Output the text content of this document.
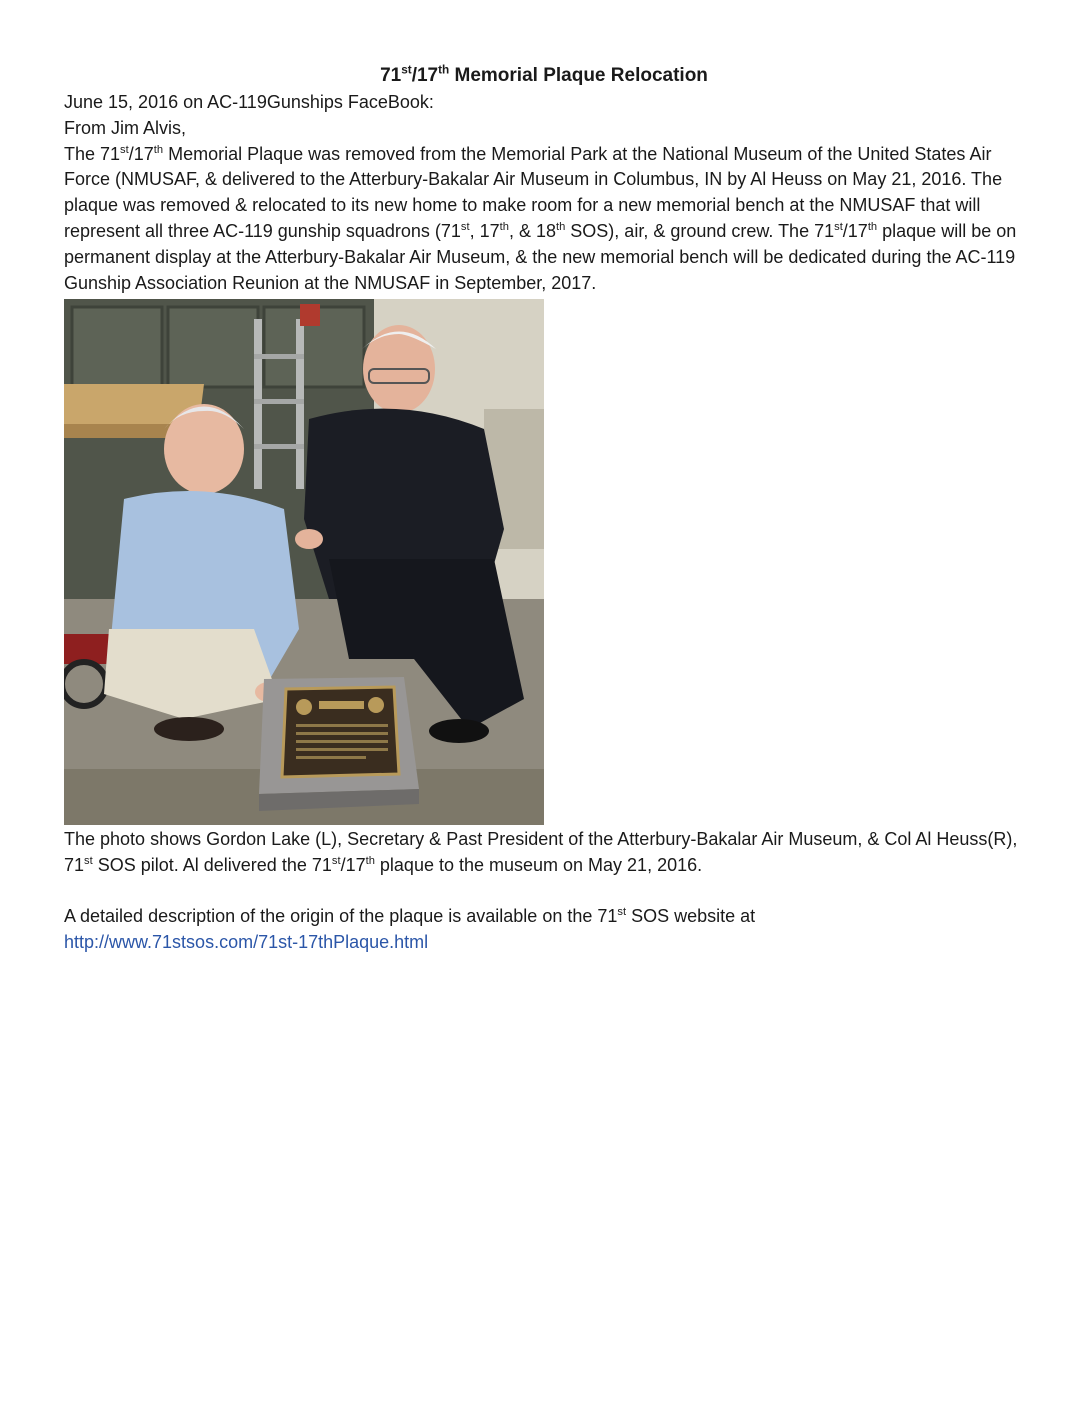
71st/17th Memorial Plaque Relocation

June 15, 2016 on AC-119Gunships FaceBook:

From Jim Alvis,

The 71st/17th Memorial Plaque was removed from the Memorial Park at the National Museum of the United States Air Force (NMUSAF, & delivered to the Atterbury-Bakalar Air Museum in Columbus, IN by Al Heuss on May 21, 2016. The plaque was removed & relocated to its new home to make room for a new memorial bench at the NMUSAF that will represent all three AC-119 gunship squadrons (71st, 17th, & 18th SOS), air, & ground crew. The 71st/17th plaque will be on permanent display at the Atterbury-Bakalar Air Museum, & the new memorial bench will be dedicated during the AC-119 Gunship Association Reunion at the NMUSAF in September, 2017.

The photo shows Gordon Lake (L), Secretary & Past President of the Atterbury-Bakalar Air Museum, & Col Al Heuss(R), 71st SOS pilot. Al delivered the 71st/17th plaque to the museum on May 21, 2016.

A detailed description of the origin of the plaque is available on the 71st SOS website at

http://www.71stsos.com/71st-17thPlaque.html
